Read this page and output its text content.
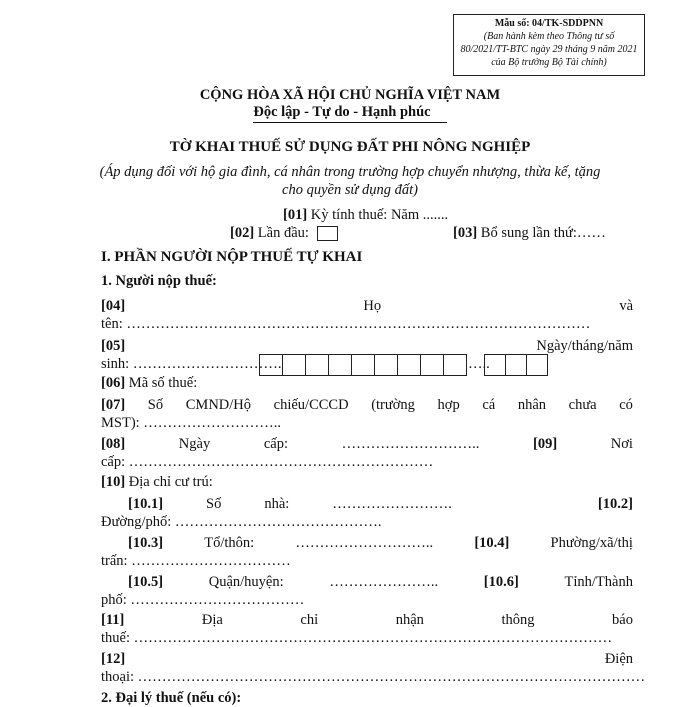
Mẫu số: 04/TK-SDDPNN
(Ban hành kèm theo Thông tư số
80/2021/TT-BTC ngày 29 tháng 9 năm 2021
của Bộ trưởng Bộ Tài chính)
CỘNG HÒA XÃ HỘI CHỦ NGHĨA VIỆT NAM
Độc lập - Tự do - Hạnh phúc
TỜ KHAI THUẾ SỬ DỤNG ĐẤT PHI NÔNG NGHIỆP
(Áp dụng đối với hộ gia đình, cá nhân trong trường hợp chuyển nhượng, thừa kế, tặng
cho quyền sử dụng đất)
[01] Kỳ tính thuế: Năm .......
[02] Lần đầu:	[03] Bổ sung lần thứ:……
I. PHẦN NGƯỜI NỘP THUẾ TỰ KHAI
1. Người nộp thuế:
[04]	Họ	và
tên: ……………………………………………………………………………………
[05]	Ngày/tháng/năm
sinh: ………………………….	…..
[06] Mã số thuế:
[07] Số CMND/Hộ chiếu/CCCD (trường hợp cá nhân chưa có
MST): ………………………..
[08]	Ngày	cấp:	………………………..	[09]	Nơi
cấp: ………………………………………………………
[10] Địa chỉ cư trú:
[10.1]	Số	nhà:	…………………….	[10.2]
Đường/phố: …………………………………….
[10.3]	Tổ/thôn:	………………………..	[10.4]	Phường/xã/thị
trấn: ……………………………
[10.5]	Quận/huyện:	…………………..	[10.6]	Tỉnh/Thành
phố: ………………………………
[11]	Địa	chỉ	nhận	thông	báo
thuế: ………………………………………………………………………………………
[12]	Điện
thoại: ……………………………………………………………………………………………
2. Đại lý thuế (nếu có):
